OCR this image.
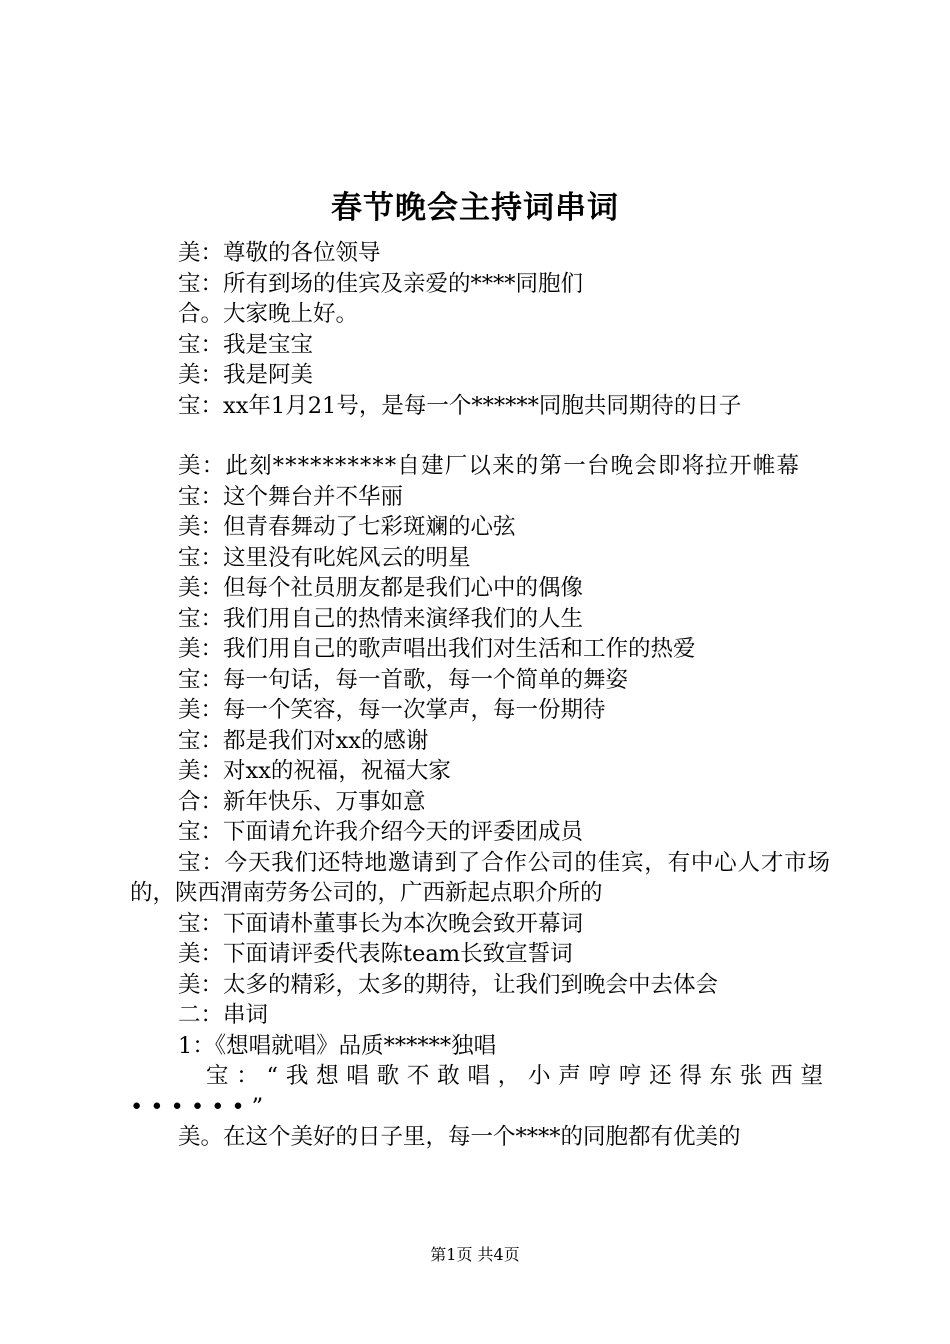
春节晚会主持词串词
美：尊敬的各位领导
宝：所有到场的佳宾及亲爱的****同胞们
合。大家晚上好。
宝：我是宝宝
美：我是阿美
宝：xx年1月21号，是每一个******同胞共同期待的日子
美：此刻**********自建厂以来的第一台晚会即将拉开帷幕
宝：这个舞台并不华丽
美：但青春舞动了七彩斑斓的心弦
宝：这里没有叱姹风云的明星
美：但每个社员朋友都是我们心中的偶像
宝：我们用自己的热情来演绎我们的人生
美：我们用自己的歌声唱出我们对生活和工作的热爱
宝：每一句话，每一首歌，每一个简单的舞姿
美：每一个笑容，每一次掌声，每一份期待
宝：都是我们对xx的感谢
美：对xx的祝福，祝福大家
合：新年快乐、万事如意
宝：下面请允许我介绍今天的评委团成员
宝：今天我们还特地邀请到了合作公司的佳宾，有中心人才市场的，陕西渭南劳务公司的，广西新起点职介所的
宝：下面请朴董事长为本次晚会致开幕词
美：下面请评委代表陈team长致宣誓词
美：太多的精彩，太多的期待，让我们到晚会中去体会
二：串词
1：《想唱就唱》品质******独唱
宝：“我想唱歌不敢唱，小声哼哼还得东张西望••••••”
美。在这个美好的日子里，每一个****的同胞都有优美的
第1页 共4页
